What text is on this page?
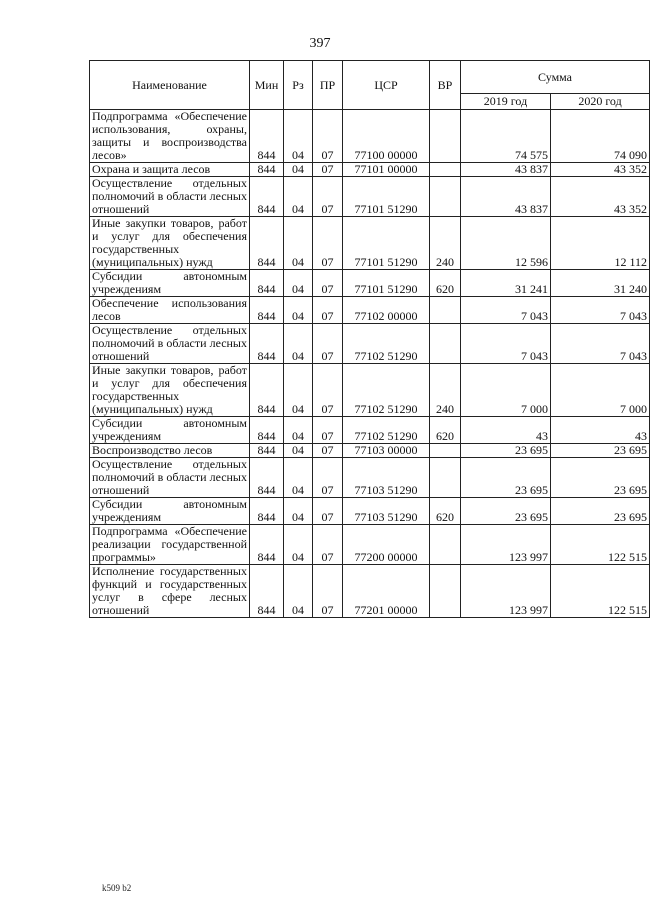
397
Наименование	Мин	Рз	ПР	ЦСР	ВР	Сумма	
						2019 год	2020 год
Подпрограмма «Обеспечение использования, охраны, защиты и воспроизводства лесов»	844	04	07	77100 00000		74 575	74 090
Охрана и защита лесов	844	04	07	77101 00000		43 837	43 352
Осуществление отдельных полномочий в области лесных отношений	844	04	07	77101 51290		43 837	43 352
Иные закупки товаров, работ и услуг для обеспечения государственных (муниципальных) нужд	844	04	07	77101 51290	240	12 596	12 112
Субсидии автономным учреждениям	844	04	07	77101 51290	620	31 241	31 240
Обеспечение использования лесов	844	04	07	77102 00000		7 043	7 043
Осуществление отдельных полномочий в области лесных отношений	844	04	07	77102 51290		7 043	7 043
Иные закупки товаров, работ и услуг для обеспечения государственных (муниципальных) нужд	844	04	07	77102 51290	240	7 000	7 000
Субсидии автономным учреждениям	844	04	07	77102 51290	620	43	43
Воспроизводство лесов	844	04	07	77103 00000		23 695	23 695
Осуществление отдельных полномочий в области лесных отношений	844	04	07	77103 51290		23 695	23 695
Субсидии автономным учреждениям	844	04	07	77103 51290	620	23 695	23 695
Подпрограмма «Обеспечение реализации государственной программы»	844	04	07	77200 00000		123 997	122 515
Исполнение государственных функций и государственных услуг в сфере лесных отношений	844	04	07	77201 00000		123 997	122 515
k509 b2
